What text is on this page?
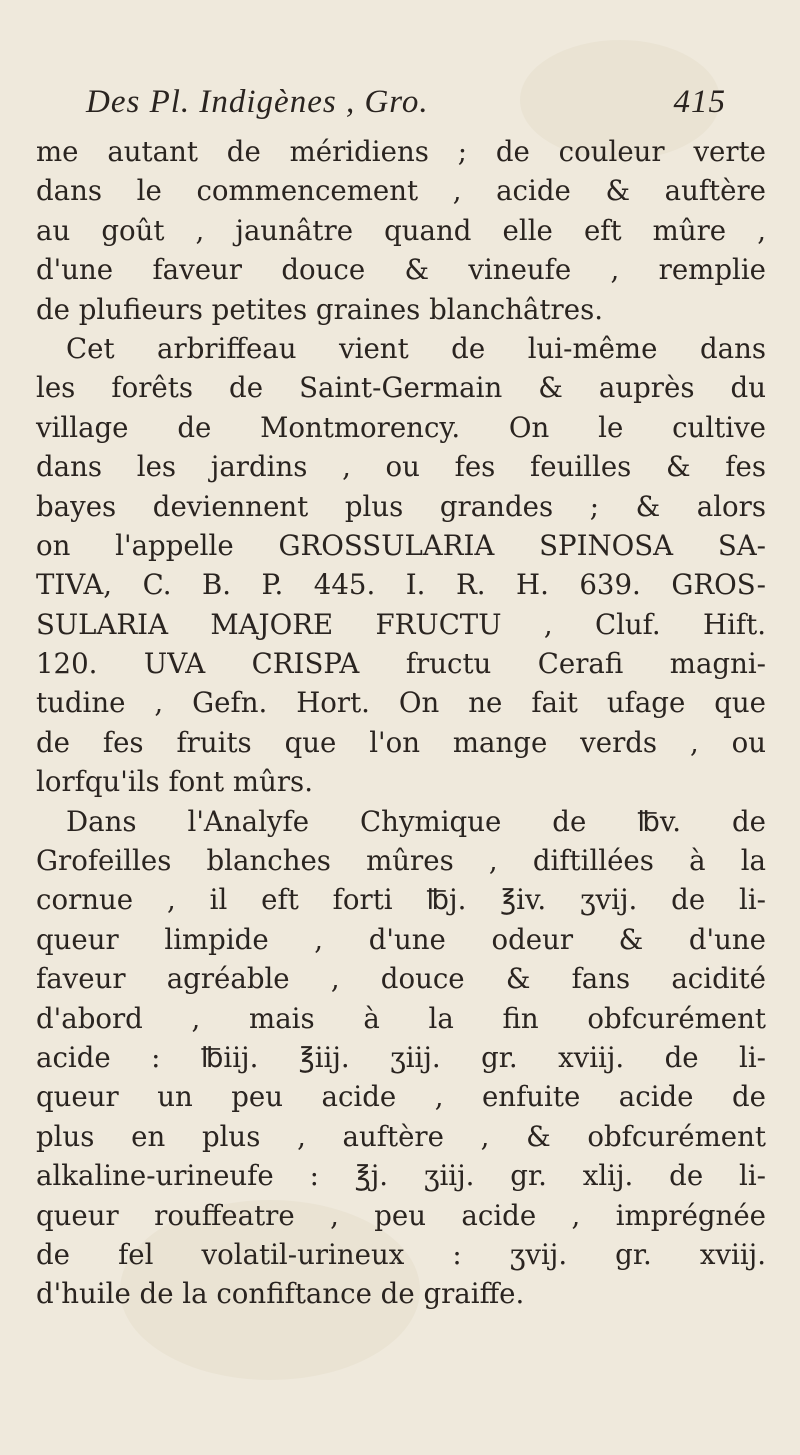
Des Pl. Indigènes , Gro.	415
me autant de méridiens ; de couleur verte
dans le commencement , acide & auftère
au goût , jaunâtre quand elle eft mûre ,
d'une faveur douce & vineufe , remplie
de plufieurs petites graines blanchâtres.
Cet arbriffeau vient de lui-même dans
les forêts de Saint-Germain & auprès du
village de Montmorency. On le cultive
dans les jardins , ou fes feuilles & fes
bayes deviennent plus grandes ; & alors
on l'appelle GROSSULARIA SPINOSA SA-
TIVA, C. B. P. 445. I. R. H. 639. GROS-
SULARIA MAJORE FRUCTU , Cluf. Hift.
120. UVA CRISPA fructu Cerafi magni-
tudine , Gefn. Hort. On ne fait ufage que
de fes fruits que l'on mange verds , ou
lorfqu'ils font mûrs.
Dans l'Analyfe Chymique de ℔v. de
Grofeilles blanches mûres , diftillées à la
cornue , il eft forti ℔j. ℥iv. ʒvij. de li-
queur limpide , d'une odeur & d'une
faveur agréable , douce & fans acidité
d'abord , mais à la fin obfcurément
acide : ℔iij. ℥iij. ʒiij. gr. xviij. de li-
queur un peu acide , enfuite acide de
plus en plus , auftère , & obfcurément
alkaline-urineufe : ℥j. ʒiij. gr. xlij. de li-
queur rouffeatre , peu acide , imprégnée
de fel volatil-urineux : ʒvij. gr. xviij.
d'huile de la confiftance de graiffe.
